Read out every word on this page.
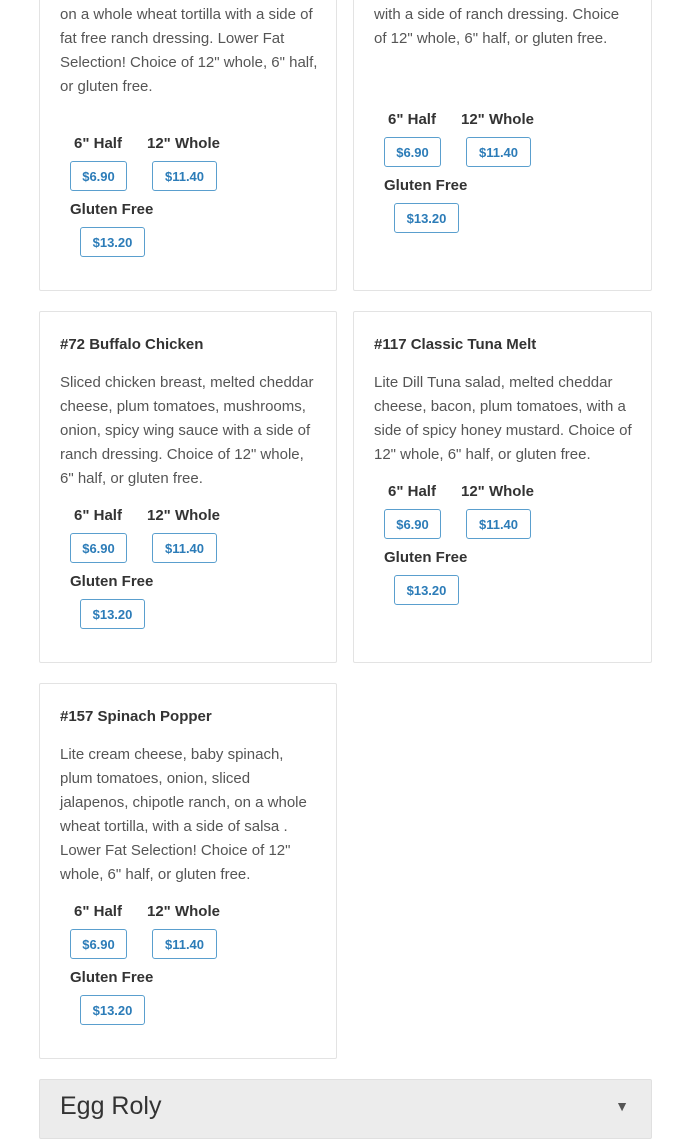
on a whole wheat tortilla with a side of fat free ranch dressing. Lower Fat Selection! Choice of 12" whole, 6" half, or gluten free.

6" Half 12" Whole
$6.90	$11.40
Gluten Free
$13.20

with a side of ranch dressing. Choice of 12" whole, 6" half, or gluten free.

6" Half 12" Whole
$6.90	$11.40
Gluten Free
$13.20
#72 Buffalo Chicken

Sliced chicken breast, melted cheddar cheese, plum tomatoes, mushrooms, onion, spicy wing sauce with a side of ranch dressing. Choice of 12" whole, 6" half, or gluten free.

6" Half 12" Whole
$6.90	$11.40
Gluten Free
$13.20
#117 Classic Tuna Melt

Lite Dill Tuna salad, melted cheddar cheese, bacon, plum tomatoes, with a side of spicy honey mustard. Choice of 12" whole, 6" half, or gluten free.

6" Half 12" Whole
$6.90	$11.40
Gluten Free
$13.20
#157 Spinach Popper

Lite cream cheese, baby spinach, plum tomatoes, onion, sliced jalapenos, chipotle ranch, on a whole wheat tortilla, with a side of salsa . Lower Fat Selection! Choice of 12" whole, 6" half, or gluten free.

6" Half 12" Whole
$6.90	$11.40
Gluten Free
$13.20
Egg Roly	▼
